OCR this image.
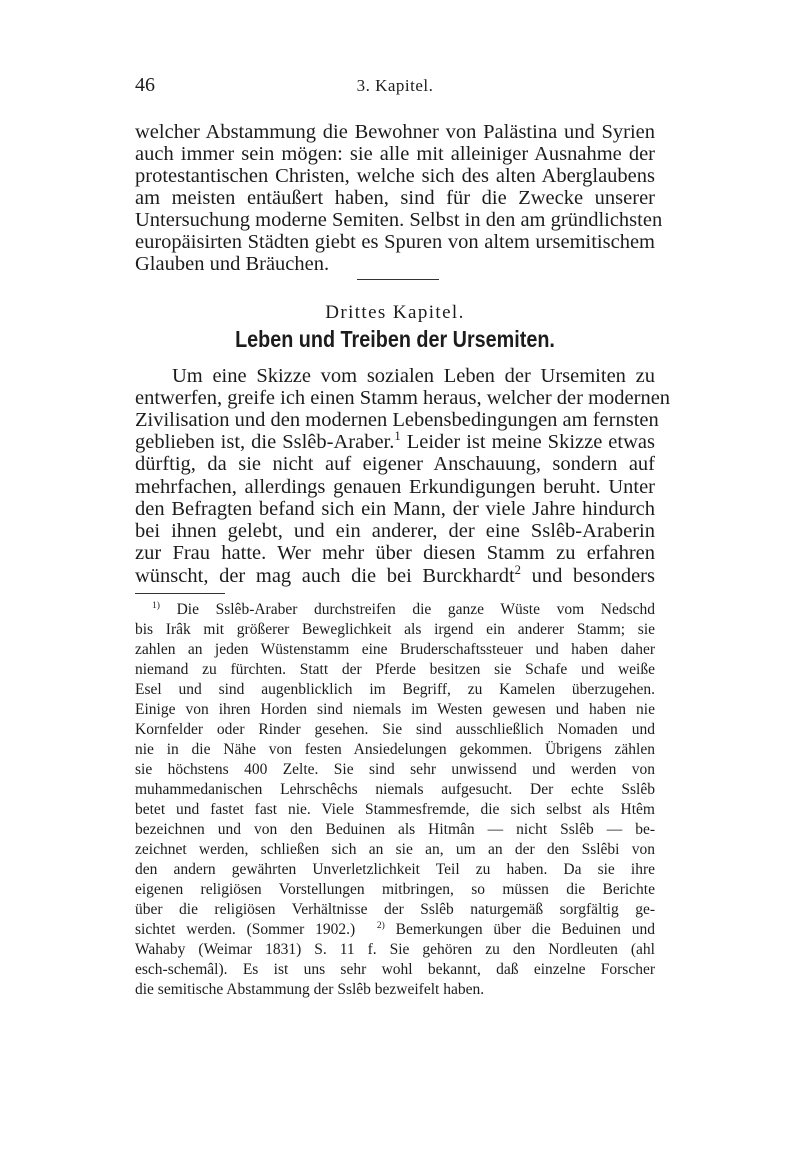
46	3. Kapitel.
welcher Abstammung die Bewohner von Palästina und Syrien
auch immer sein mögen: sie alle mit alleiniger Ausnahme der
protestantischen Christen, welche sich des alten Aberglaubens
am meisten entäußert haben, sind für die Zwecke unserer
Untersuchung moderne Semiten. Selbst in den am gründlichsten
europäisirten Städten giebt es Spuren von altem ursemitischem
Glauben und Bräuchen.
Drittes Kapitel.
Leben und Treiben der Ursemiten.
Um eine Skizze vom sozialen Leben der Ursemiten zu
entwerfen, greife ich einen Stamm heraus, welcher der modernen
Zivilisation und den modernen Lebensbedingungen am fernsten
geblieben ist, die Sslêb-Araber.$^1$ Leider ist meine Skizze etwas
dürftig, da sie nicht auf eigener Anschauung, sondern auf
mehrfachen, allerdings genauen Erkundigungen beruht. Unter
den Befragten befand sich ein Mann, der viele Jahre hindurch
bei ihnen gelebt, und ein anderer, der eine Sslêb-Araberin
zur Frau hatte. Wer mehr über diesen Stamm zu erfahren
wünscht, der mag auch die bei Burckhardt$^2$ und besonders
$^{1)}$ Die Sslêb-Araber durchstreifen die ganze Wüste vom Nedschd
bis Irâk mit größerer Beweglichkeit als irgend ein anderer Stamm; sie
zahlen an jeden Wüstenstamm eine Bruderschaftssteuer und haben daher
niemand zu fürchten. Statt der Pferde besitzen sie Schafe und weiße
Esel und sind augenblicklich im Begriff, zu Kamelen überzugehen.
Einige von ihren Horden sind niemals im Westen gewesen und haben nie
Kornfelder oder Rinder gesehen. Sie sind ausschließlich Nomaden und
nie in die Nähe von festen Ansiedelungen gekommen. Übrigens zählen
sie höchstens 400 Zelte. Sie sind sehr unwissend und werden von
muhammedanischen Lehrschêchs niemals aufgesucht. Der echte Sslêb
betet und fastet fast nie. Viele Stammesfremde, die sich selbst als Htêm
bezeichnen und von den Beduinen als Hitmân — nicht Sslêb — be-
zeichnet werden, schließen sich an sie an, um an der den Sslêbi von
den andern gewährten Unverletzlichkeit Teil zu haben. Da sie ihre
eigenen religiösen Vorstellungen mitbringen, so müssen die Berichte
über die religiösen Verhältnisse der Sslêb naturgemäß sorgfältig ge-
sichtet werden. (Sommer 1902.) $^{2)}$ Bemerkungen über die Beduinen und
Wahaby (Weimar 1831) S. 11 f. Sie gehören zu den Nordleuten (ahl
esch-schemâl). Es ist uns sehr wohl bekannt, daß einzelne Forscher
die semitische Abstammung der Sslêb bezweifelt haben.
